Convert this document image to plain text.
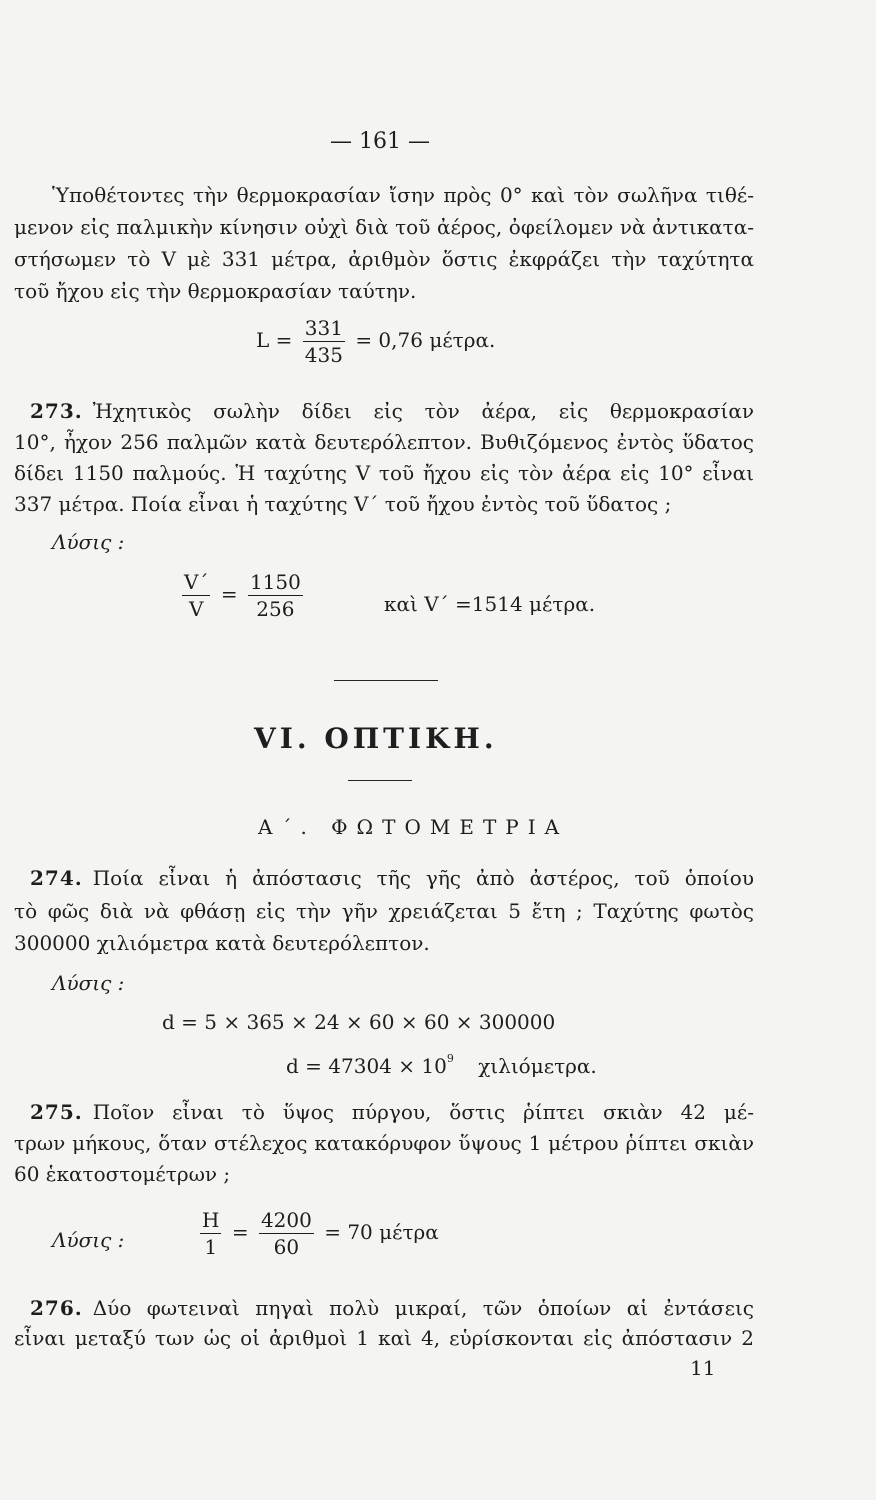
— 161 —
Ὑποθέτοντες τὴν θερμοκρασίαν ἴσην πρὸς 0° καὶ τὸν σωλῆνα τιθέ-
μενον εἰς παλμικὴν κίνησιν οὐχὶ διὰ τοῦ ἀέρος, ὀφείλομεν νὰ ἀντικατα-
στήσωμεν τὸ V μὲ 331 μέτρα, ἀριθμὸν ὅστις ἐκφράζει τὴν ταχύτητα
τοῦ ἤχου εἰς τὴν θερμοκρασίαν ταύτην.
$L = \frac{331}{435} = 0,76$ μέτρα.
273. Ἠχητικὸς σωλὴν δίδει εἰς τὸν ἀέρα, εἰς θερμοκρασίαν
10°, ἦχον 256 παλμῶν κατὰ δευτερόλεπτον. Βυθιζόμενος ἐντὸς ὕδατος
δίδει 1150 παλμούς. Ἡ ταχύτης V τοῦ ἤχου εἰς τὸν ἀέρα εἰς 10° εἶναι
337 μέτρα. Ποία εἶναι ἡ ταχύτης V΄ τοῦ ἤχου ἐντὸς τοῦ ὕδατος ;
Λύσις :
$\frac{V΄}{V} = \frac{1150}{256}$	καὶ V΄ =1514 μέτρα.
VI. ΟΠΤΙΚΗ.
Α΄. ΦΩΤΟΜΕΤΡΙΑ
274. Ποία εἶναι ἡ ἀπόστασις τῆς γῆς ἀπὸ ἀστέρος, τοῦ ὁποίου
τὸ φῶς διὰ νὰ φθάσῃ εἰς τὴν γῆν χρειάζεται 5 ἔτη ; Ταχύτης φωτὸς
300000 χιλιόμετρα κατὰ δευτερόλεπτον.
Λύσις :
d = 5 × 365 × 24 × 60 × 60 × 300000
$d = 47304 \times 10^9$ χιλιόμετρα.
275. Ποῖον εἶναι τὸ ὕψος πύργου, ὅστις ῥίπτει σκιὰν 42 μέ-
τρων μήκους, ὅταν στέλεχος κατακόρυφον ὕψους 1 μέτρου ῥίπτει σκιὰν
60 ἑκατοστομέτρων ;
Λύσις :	$\frac{H}{1} = \frac{4200}{60} = 70$ μέτρα
276. Δύο φωτειναὶ πηγαὶ πολὺ μικραί, τῶν ὁποίων αἱ ἐντάσεις
εἶναι μεταξύ των ὡς οἱ ἀριθμοὶ 1 καὶ 4, εὑρίσκονται εἰς ἀπόστασιν 2
11
